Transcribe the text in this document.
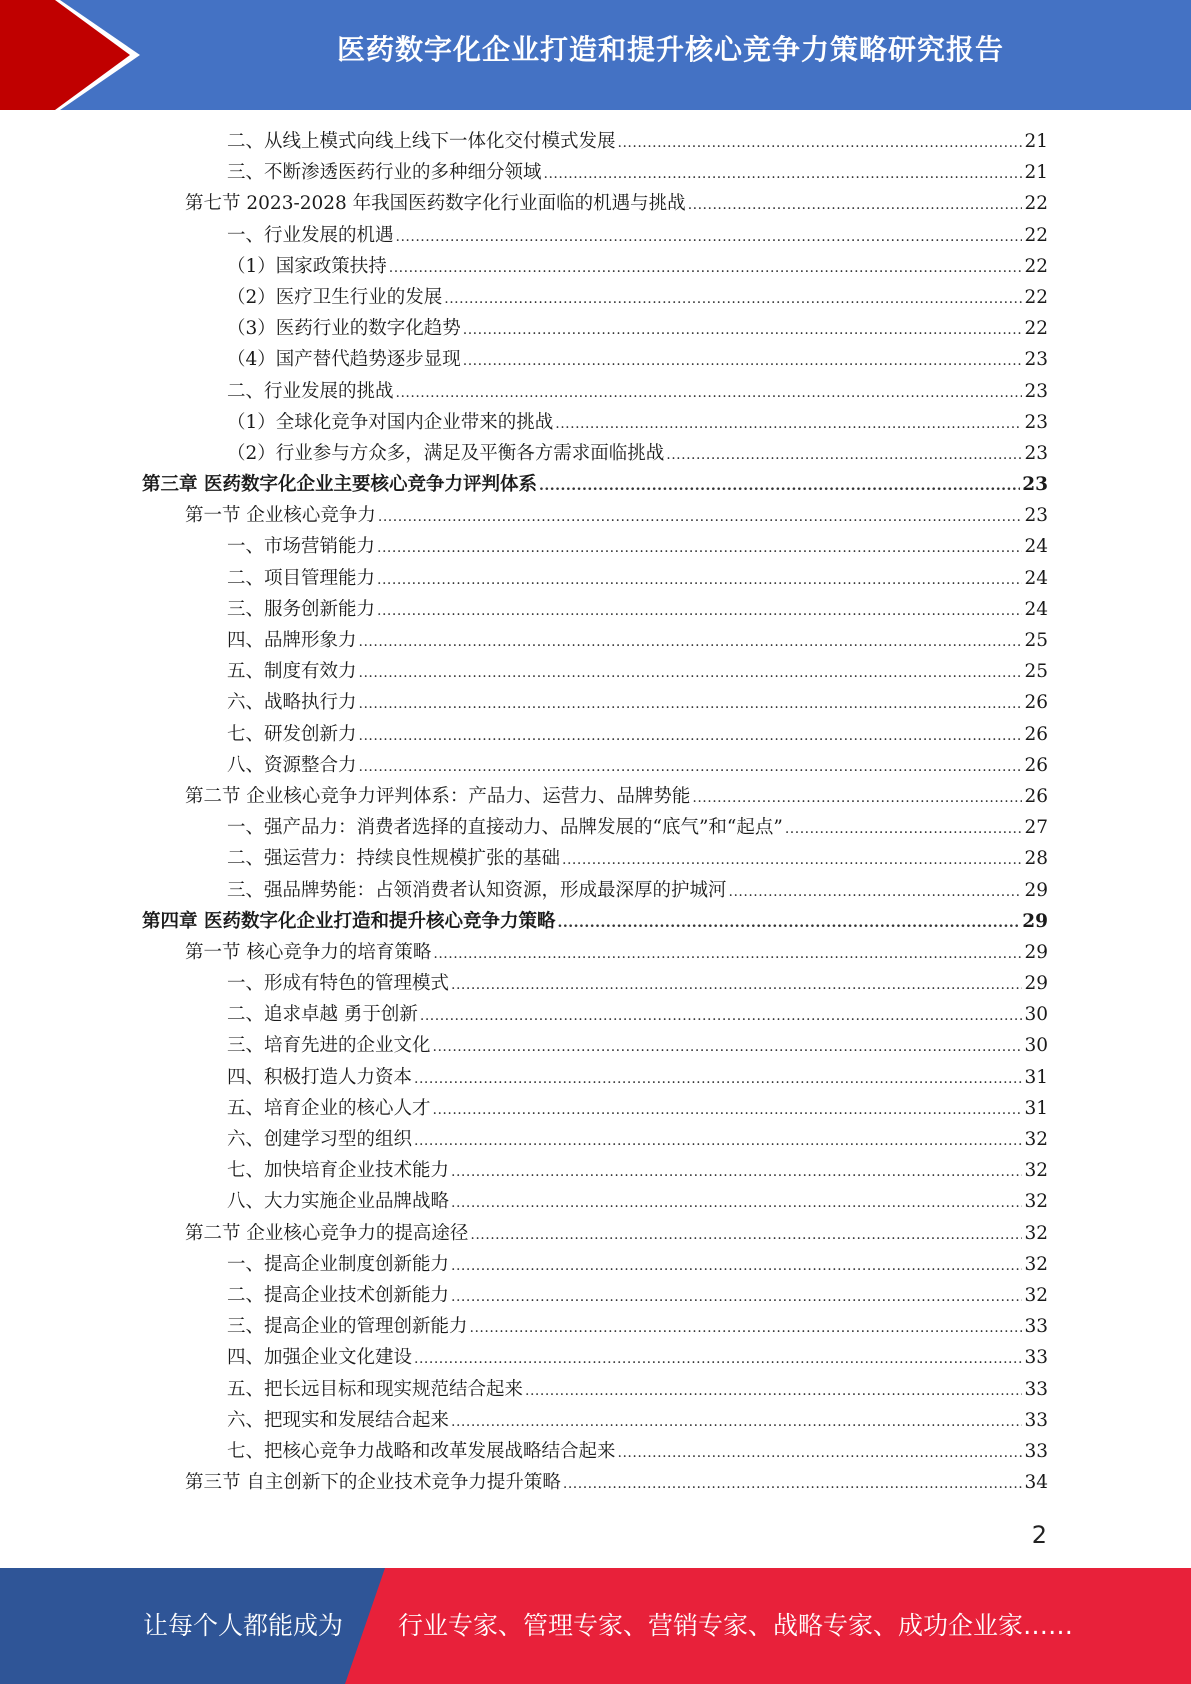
医药数字化企业打造和提升核心竞争力策略研究报告
二、从线上模式向线上线下一体化交付模式发展 .....	21
三、不断渗透医药行业的多种细分领域 .....	21
第七节 2023-2028 年我国医药数字化行业面临的机遇与挑战 .....	22
一、行业发展的机遇 .....	22
（1）国家政策扶持 .....	22
（2）医疗卫生行业的发展 .....	22
（3）医药行业的数字化趋势 .....	22
（4）国产替代趋势逐步显现 .....	23
二、行业发展的挑战 .....	23
（1）全球化竞争对国内企业带来的挑战 .....	23
（2）行业参与方众多，满足及平衡各方需求面临挑战 .....	23
第三章 医药数字化企业主要核心竞争力评判体系 .....	23
第一节 企业核心竞争力 .....	23
一、市场营销能力 .....	24
二、项目管理能力 .....	24
三、服务创新能力 .....	24
四、品牌形象力 .....	25
五、制度有效力 .....	25
六、战略执行力 .....	26
七、研发创新力 .....	26
八、资源整合力 .....	26
第二节 企业核心竞争力评判体系：产品力、运营力、品牌势能 .....	26
一、强产品力：消费者选择的直接动力、品牌发展的“底气”和“起点” .....	27
二、强运营力：持续良性规模扩张的基础 .....	28
三、强品牌势能：占领消费者认知资源，形成最深厚的护城河 .....	29
第四章 医药数字化企业打造和提升核心竞争力策略 .....	29
第一节 核心竞争力的培育策略 .....	29
一、形成有特色的管理模式 .....	29
二、追求卓越 勇于创新 .....	30
三、培育先进的企业文化 .....	30
四、积极打造人力资本 .....	31
五、培育企业的核心人才 .....	31
六、创建学习型的组织 .....	32
七、加快培育企业技术能力 .....	32
八、大力实施企业品牌战略 .....	32
第二节 企业核心竞争力的提高途径 .....	32
一、提高企业制度创新能力 .....	32
二、提高企业技术创新能力 .....	32
三、提高企业的管理创新能力 .....	33
四、加强企业文化建设 .....	33
五、把长远目标和现实规范结合起来 .....	33
六、把现实和发展结合起来 .....	33
七、把核心竞争力战略和改革发展战略结合起来 .....	33
第三节 自主创新下的企业技术竞争力提升策略 .....	34
2
让每个人都能成为 行业专家、管理专家、营销专家、战略专家、成功企业家……
